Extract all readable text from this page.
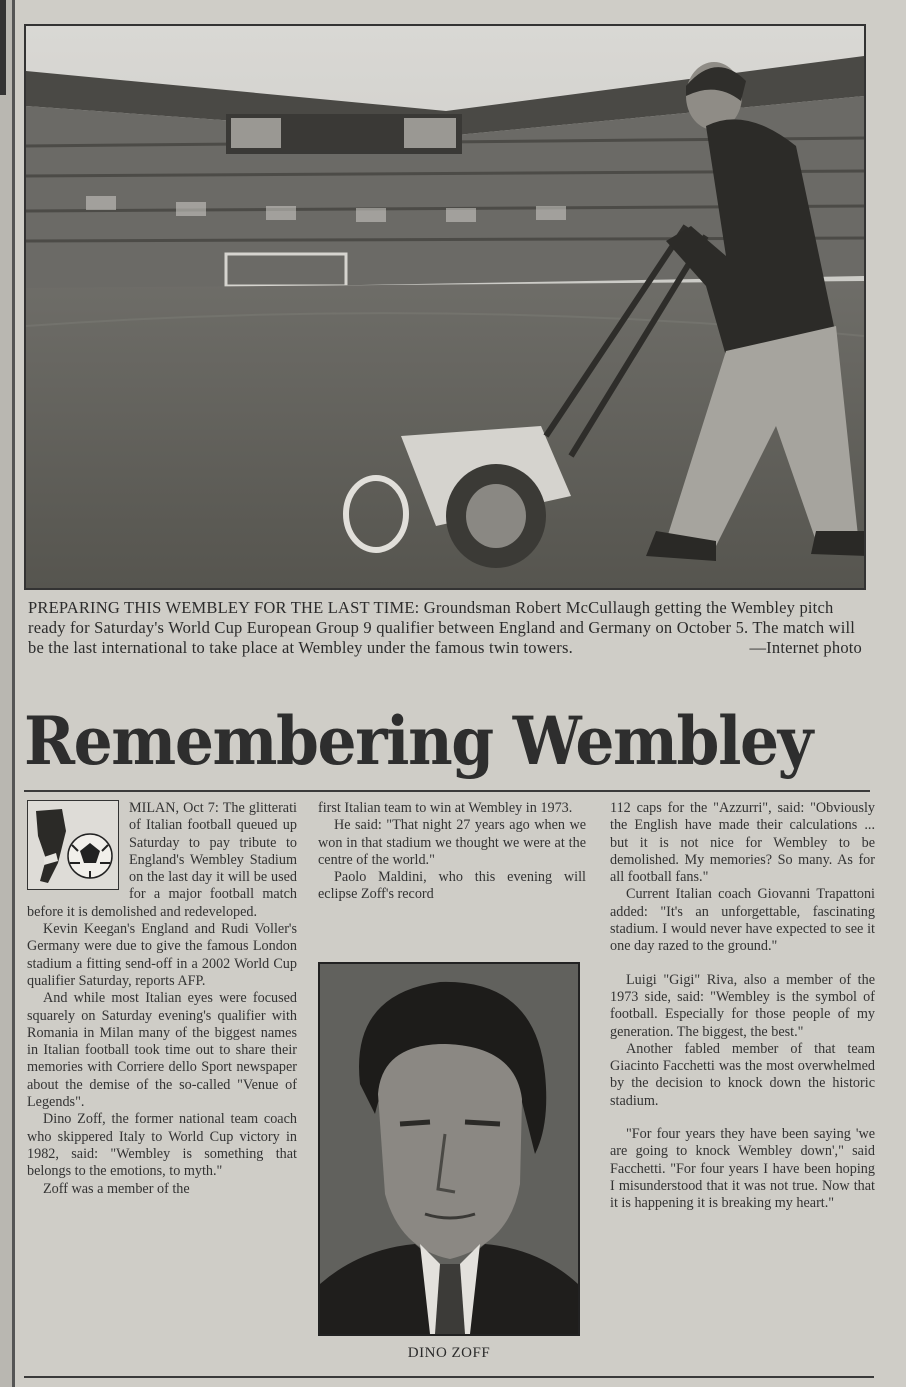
PREPARING THIS WEMBLEY FOR THE LAST TIME: Groundsman Robert McCullaugh getting the Wembley pitch ready for Saturday's World Cup European Group 9 qualifier between England and Germany on October 5. The match will be the last international to take place at Wembley under the famous twin towers.	—Internet photo
Remembering Wembley

MILAN, Oct 7: The glitterati of Italian football queued up Saturday to pay tribute to England's Wembley Stadium on the last day it will be used for a major football match before it is demolished and redeveloped.

Kevin Keegan's England and Rudi Voller's Germany were due to give the famous London stadium a fitting send-off in a 2002 World Cup qualifier Saturday, reports AFP.

And while most Italian eyes were focused squarely on Saturday evening's qualifier with Romania in Milan many of the biggest names in Italian football took time out to share their memories with Corriere dello Sport newspaper about the demise of the so-called "Venue of Legends".

Dino Zoff, the former national team coach who skippered Italy to World Cup victory in 1982, said: "Wembley is something that belongs to the emotions, to myth."

Zoff was a member of the

first Italian team to win at Wembley in 1973.

He said: "That night 27 years ago when we won in that stadium we thought we were at the centre of the world."

Paolo Maldini, who this evening will eclipse Zoff's record

DINO ZOFF

112 caps for the "Azzurri", said: "Obviously the English have made their calculations ... but it is not nice for Wembley to be demolished. My memories? So many. As for all football fans."

Current Italian coach Giovanni Trapattoni added: "It's an unforgettable, fascinating stadium. I would never have expected to see it one day razed to the ground."

Luigi "Gigi" Riva, also a member of the 1973 side, said: "Wembley is the symbol of football. Especially for those people of my generation. The biggest, the best."

Another fabled member of that team Giacinto Facchetti was the most overwhelmed by the decision to knock down the historic stadium.

"For four years they have been saying 'we are going to knock Wembley down'," said Facchetti. "For four years I have been hoping I misunderstood that it was not true. Now that it is happening it is breaking my heart."
